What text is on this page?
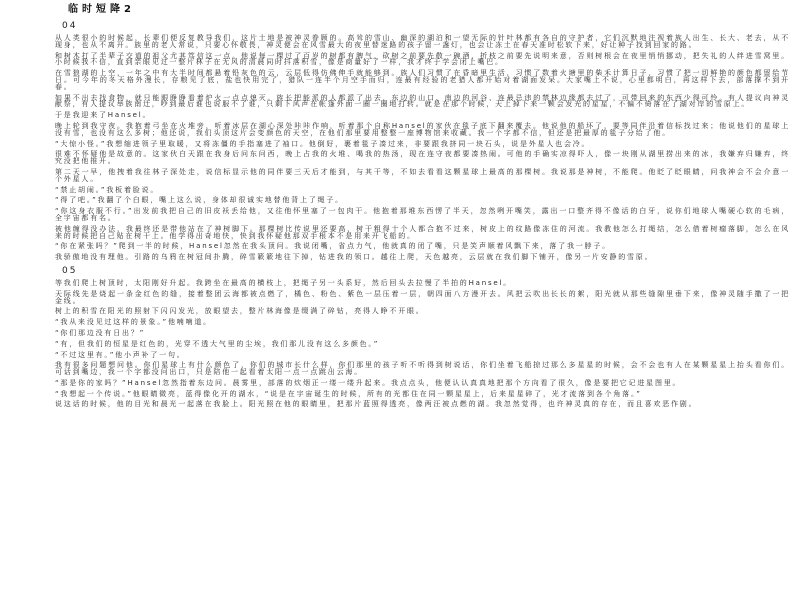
临时短降2
04

从人类很小的时候起，长辈们便反复教导我们，这片土地是被神灵眷顾的。高耸的雪山、幽深的湖泊和一望无际的针叶林都有各自的守护者，它们沉默地注视着族人出生、长大、老去，从不现身，也从不离开。族里的老人常说，只要心怀敬畏，神灵便会在风雪最大的夜里替迷路的孩子留一盏灯，也会让冻土在春天准时松软下来，好让种子找到回家的路。

和树木打了半辈子交道的祖父尤其笃信这一点。他说每一棵过了百岁的树都有脾气，砍树之前要先敬一碗酒，折枝之前要先说明来意，否则树根会在夜里悄悄挪动，把失礼的人绊进雪窝里。小时候我不信，直到亲眼见过一整片林子在无风的清晨同时抖落积雪，像是商量好了一样，我才终于学会闭上嘴巴。

在雪狼湖的上空，一年之中有大半时间都悬着铅灰色的云，云层低得仿佛伸手就能够到。族人们习惯了在昏暗里生活，习惯了数着火塘里的柴禾计算日子，习惯了把一切鲜艳的颜色都留给节日。可今年的冬天格外漫长，存粮见了底，盐也快用完了，猎队一连半个月空手而归，连最有经验的老猎人都开始对着湖面发呆。大家嘴上不说，心里都明白，再这样下去，部落撑不到开春。

如果不出去找食物，就只能眼睁睁看着炉火一点点熄灭。族长把能派的人都派了出去，东边的山口、南边的河谷、连最忌讳的禁林边缘都去过了，可带回来的东西少得可怜。有人提议向神灵献祭，有人提议举族南迁，吵到最后谁也说服不了谁，只剩下风声在帐篷外面一圈一圈地打转。就是在那个时候，天上掉下来一颗会发光的星星，不偏不倚落在了湖对岸的雪原上。

于是我迎来了Hansel。

晚上轮到我守夜。我抱着弓坐在火堆旁，听着冰层在湖心深处咔咔作响，听着那个自称Hansel的家伙在毯子底下翻来覆去。他说他的船坏了，要等同伴沿着信标找过来；他说他们的星球上没有雪，也没有这么多树；他还说，我们头顶这片会变颜色的天空，在他们那里要用整整一座博物馆来收藏。我一个字都不信，但还是把最厚的毯子分给了他。

“大惊小怪。”我想缩进领子里取暖，又将冻僵的手指塞进了袖口。他倒好，裹着毯子凑过来，非要跟我挤同一块石头，说是外星人也会冷。

很难不怀疑他是故意的。这家伙白天跟在我身后问东问西，晚上占我的火堆、喝我的热汤，现在连守夜都要凑热闹。可他的手确实凉得吓人，像一块刚从湖里捞出来的冰，我嫌弃归嫌弃，终究没把他推开。

第二天一早，他拽着我往林子深处走，说信标显示他的同伴要三天后才能到，与其干等，不如去看看这颗星球上最高的那棵树。我说那是神树，不能爬。他眨了眨眼睛，问我神会不会介意一个外星人。

“禁止胡闹。”我板着脸说。

“得了吧。”我翻了个白眼，嘴上这么说，身体却很诚实地替他背上了绳子。

“你这身衣服不行。”出发前我把自己的旧皮袄丢给他，又往他怀里塞了一包肉干。他抱着那堆东西愣了半天，忽然咧开嘴笑，露出一口整齐得不像话的白牙，说你们地球人嘴硬心软的毛病，全宇宙都有名。

被他缠得没办法，我最终还是带他站在了神树脚下。那棵树比传说里还要高，树干粗得十个人都合抱不过来，树皮上的纹路像冻住的河流。我教他怎么打绳结，怎么借着树瘤落脚，怎么在风来的时候把自己贴在树干上。他学得出奇地快，快到我怀疑他那双手根本不是用来开飞船的。

“你在紧张吗？”爬到一半的时候，Hansel忽然在我头顶问。我说闭嘴，省点力气，他就真的闭了嘴，只是笑声顺着风飘下来，落了我一脖子。

我骄傲地没有理他。引路的乌鸦在树冠间扑腾，碎雪簌簌地往下掉，钻进我的领口。越往上爬，天色越亮，云层就在我们脚下铺开，像另一片安静的雪原。

05

等我们爬上树顶时，太阳刚好升起。我跨坐在最高的横枝上，把绳子另一头系好，然后回头去拉慢了半拍的Hansel。

天际线先是烧起一条金红色的缝，接着整团云海都被点燃了，橘色、粉色、紫色一层压着一层，朝四面八方漫开去。风把云吹出长长的絮，阳光就从那些缝隙里垂下来，像神灵随手撒了一把金线。

树上的积雪在阳光的照射下闪闪发光，放眼望去，整片林海像是缀满了碎钻，亮得人睁不开眼。

“我从来没见过这样的景象。”他喃喃道。

“你们那边没有日出？”

“有，但我们的恒星是红色的，光穿不透大气里的尘埃，我们那儿没有这么多颜色。”

“不过这里有。”他小声补了一句。

我有很多问题想问他。你们星球上有什么颜色了，你们的城市长什么样，你们那里的孩子听不听得到树说话，你们坐着飞船掠过那么多星星的时候，会不会也有人在某颗星星上抬头看你们。可话到嘴边，我一个字都没问出口，只是陪他一起看着太阳一点一点跳出云海。

“那是你的家吗？”Hansel忽然指着东边问。晨雾里，部落的炊烟正一缕一缕升起来。我点点头，他便认认真真地把那个方向看了很久，像是要把它记进星图里。

“我想起一个传说。”他眼睛微亮，蓝得像化开的湖水，“说是在宇宙诞生的时候，所有的光都住在同一颗星星上，后来星星碎了，光才流落到各个角落。”

说这话的时候，他的目光和晨光一起落在我脸上。阳光照在他的眼睛里，把那片蓝照得透亮，像两汪被点燃的湖。我忽然觉得，也许神灵真的存在，而且喜欢恶作剧。
